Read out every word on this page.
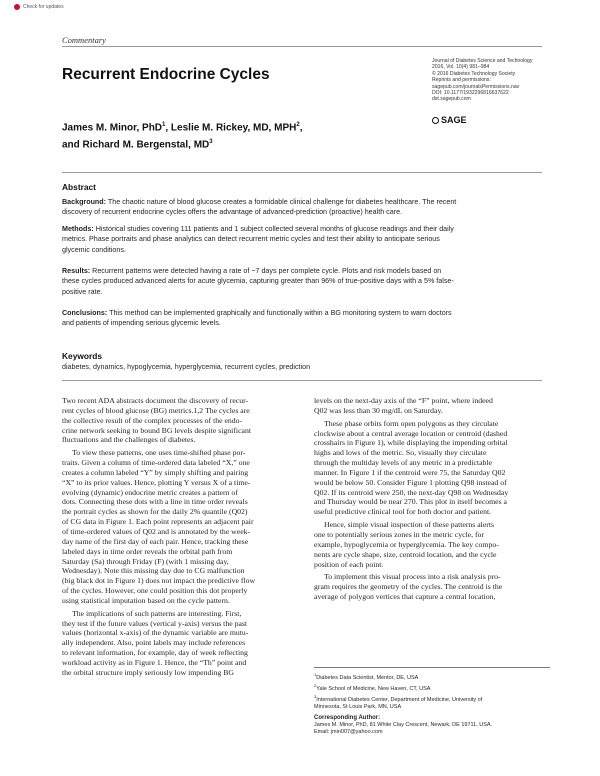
Check for updates
Commentary
Journal of Diabetes Science and Technology
2016, Vol. 10(4) 981–984
© 2016 Diabetes Technology Society
Reprints and permissions:
sagepub.com/journalsPermissions.nav
DOI: 10.1177/1932296816637622
dst.sagepub.com
SAGE
Recurrent Endocrine Cycles
James M. Minor, PhD$^1$, Leslie M. Rickey, MD, MPH$^2$,
and Richard M. Bergenstal, $MD^3$
Abstract
Background: The chaotic nature of blood glucose creates a formidable clinical challenge for diabetes healthcare. The recent
discovery of recurrent endocrine cycles offers the advantage of advanced-prediction (proactive) health care.
Methods: Historical studies covering 111 patients and 1 subject collected several months of glucose readings and their daily
metrics. Phase portraits and phase analytics can detect recurrent metric cycles and test their ability to anticipate serious
glycemic conditions.
Results: Recurrent patterns were detected having a rate of ~7 days per complete cycle. Plots and risk models based on
these cycles produced advanced alerts for acute glycemia, capturing greater than 96% of true-positive days with a 5% false-
positive rate.
Conclusions: This method can be implemented graphically and functionally within a BG monitoring system to warn doctors
and patients of impending serious glycemic levels.
Keywords
diabetes, dynamics, hypoglycemia, hyperglycemia, recurrent cycles, prediction
Two recent ADA abstracts document the discovery of recur-
rent cycles of blood glucose (BG) metrics.1,2 The cycles are
the collective result of the complex processes of the endo-
crine network seeking to bound BG levels despite significant
fluctuations and the challenges of diabetes.
To view these patterns, one uses time-shifted phase por-
traits. Given a column of time-ordered data labeled “X,” one
creates a column labeled “Y” by simply shifting and pairing
“X” to its prior values. Hence, plotting Y versus X of a time-
evolving (dynamic) endocrine metric creates a pattern of
dots. Connecting these dots with a line in time order reveals
the portrait cycles as shown for the daily 2% quantile (Q02)
of CG data in Figure 1. Each point represents an adjacent pair
of time-ordered values of Q02 and is annotated by the week-
day name of the first day of each pair. Hence, tracking these
labeled days in time order reveals the orbital path from
Saturday (Sa) through Friday (F) (with 1 missing day,
Wednesday). Note this missing day due to CG malfunction
(big black dot in Figure 1) does not impact the predictive flow
of the cycles. However, one could position this dot properly
using statistical imputation based on the cycle pattern.
The implications of such patterns are interesting. First,
they test if the future values (vertical y-axis) versus the past
values (horizontal x-axis) of the dynamic variable are mutu-
ally independent. Also, point labels may include references
to relevant information, for example, day of week reflecting
workload activity as in Figure 1. Hence, the “Th” point and
the orbital structure imply seriously low impending BG
levels on the next-day axis of the “F” point, where indeed
Q02 was less than 30 mg/dL on Saturday.
These phase orbits form open polygons as they circulate
clockwise about a central average location or centroid (dashed
crosshairs in Figure 1), while displaying the impending orbital
highs and lows of the metric. So, visually they circulate
through the multiday levels of any metric in a predictable
manner. In Figure 1 if the centroid were 75, the Saturday Q02
would be below 50. Consider Figure 1 plotting Q98 instead of
Q02. If its centroid were 250, the next-day Q98 on Wednesday
and Thursday would be near 270. This plot in itself becomes a
useful predictive clinical tool for both doctor and patient.
Hence, simple visual inspection of these patterns alerts
one to potentially serious zones in the metric cycle, for
example, hypoglycemia or hyperglycemia. The key compo-
nents are cycle shape, size, centroid location, and the cycle
position of each point.
To implement this visual process into a risk analysis pro-
gram requires the geometry of the cycles. The centroid is the
average of polygon vertices that capture a central location,
$^1$Diabetes Data Scientist, Mentor, DE, USA
$^2$Yale School of Medicine, New Haven, CT, USA
$^3$International Diabetes Center, Department of Medicine, University of
Minnesota, St Louis Park, MN, USA
Corresponding Author:
James M. Minor, PhD, 81 White Clay Crescent, Newark, DE 19711, USA.
Email: jmin007@yahoo.com
